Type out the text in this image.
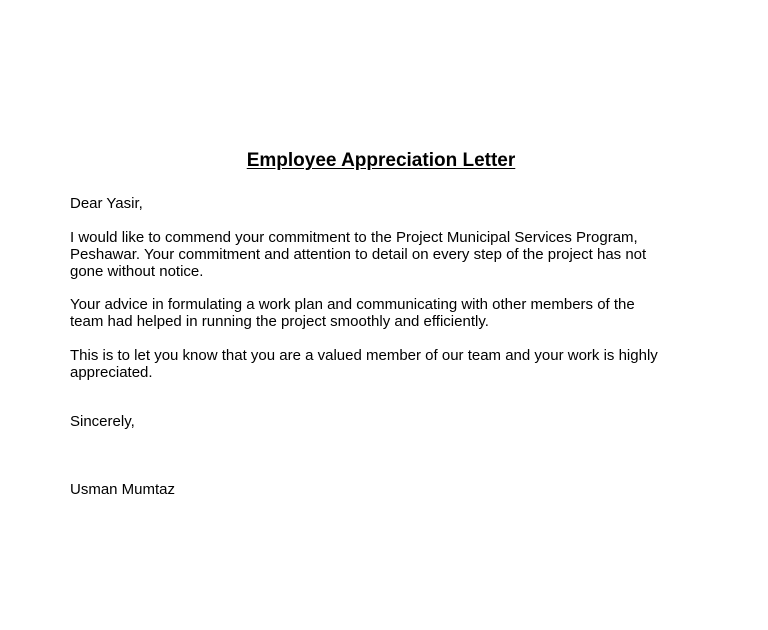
Employee Appreciation Letter

Dear Yasir,

I would like to commend your commitment to the Project Municipal Services Program,
Peshawar. Your commitment and attention to detail on every step of the project has not
gone without notice.

Your advice in formulating a work plan and communicating with other members of the
team had helped in running the project smoothly and efficiently.

This is to let you know that you are a valued member of our team and your work is highly
appreciated.

Sincerely,

Usman Mumtaz
